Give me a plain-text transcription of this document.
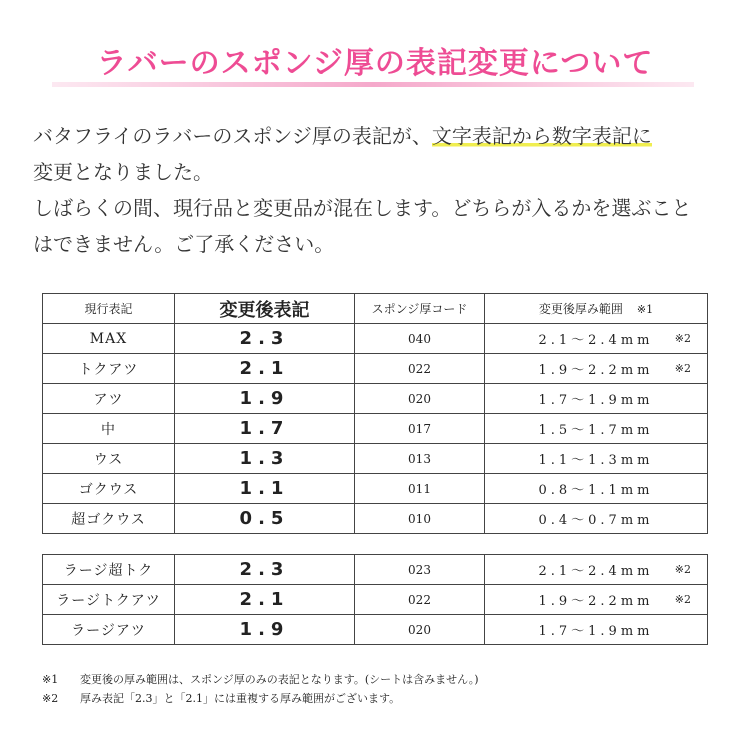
ラバーのスポンジ厚の表記変更について

バタフライのラバーのスポンジ厚の表記が、文字表記から数字表記に

変更となりました。

しばらくの間、現行品と変更品が混在します。どちらが入るかを選ぶこと

はできません。ご了承ください。

現行表記	変更後表記	スポンジ厚コード	変更後厚み範囲 ※1
MAX	2.3	040	2.1〜2.4mm ※2

トクアツ	2.1	022	1.9〜2.2mm ※2

アツ	1.9	020	1.7〜1.9mm
中	1.7	017	1.5〜1.7mm
ウス	1.3	013	1.1〜1.3mm
ゴクウス	1.1	011	0.8〜1.1mm
超ゴクウス	0.5	010	0.4〜0.7mm
ラージ超トク	2.3	023	2.1〜2.4mm ※2

ラージトクアツ	2.1	022	1.9〜2.2mm ※2

ラージアツ	1.9	020	1.7〜1.9mm
※1 変更後の厚み範囲は、スポンジ厚のみの表記となります。(シートは含みません。)
※2 厚み表記「2.3」と「2.1」には重複する厚み範囲がございます。
